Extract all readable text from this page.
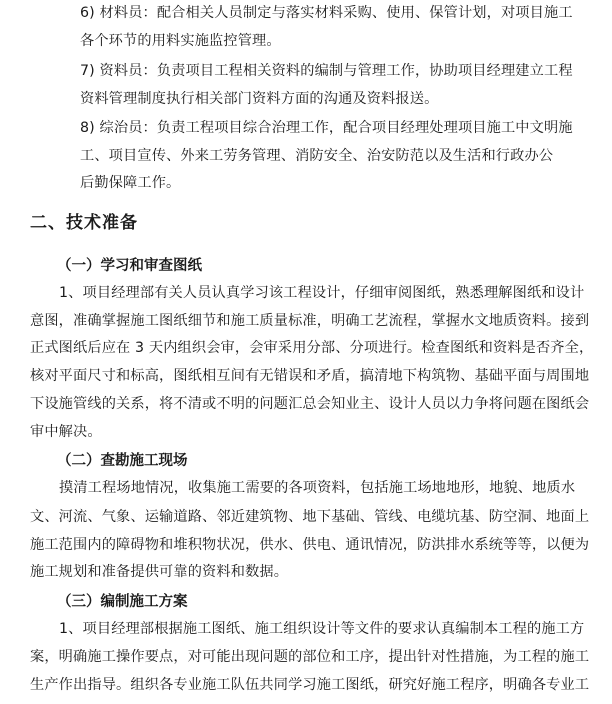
6) 材料员：配合相关人员制定与落实材料采购、使用、保管计划，对项目施工
各个环节的用料实施监控管理。
7) 资料员：负责项目工程相关资料的编制与管理工作，协助项目经理建立工程
资料管理制度执行相关部门资料方面的沟通及资料报送。
8) 综治员：负责工程项目综合治理工作，配合项目经理处理项目施工中文明施
工、项目宣传、外来工劳务管理、消防安全、治安防范以及生活和行政办公
后勤保障工作。
二、技术准备
（一）学习和审查图纸
1、项目经理部有关人员认真学习该工程设计，仔细审阅图纸，熟悉理解图纸和设计
意图，准确掌握施工图纸细节和施工质量标准，明确工艺流程，掌握水文地质资料。接到
正式图纸后应在 3 天内组织会审，会审采用分部、分项进行。检查图纸和资料是否齐全，
核对平面尺寸和标高，图纸相互间有无错误和矛盾，搞清地下构筑物、基础平面与周围地
下设施管线的关系，将不清或不明的问题汇总会知业主、设计人员以力争将问题在图纸会
审中解决。
（二）查勘施工现场
摸清工程场地情况，收集施工需要的各项资料，包括施工场地地形，地貌、地质水
文、河流、气象、运输道路、邻近建筑物、地下基础、管线、电缆坑基、防空洞、地面上
施工范围内的障碍物和堆积物状况，供水、供电、通讯情况，防洪排水系统等等，以便为
施工规划和准备提供可靠的资料和数据。
（三）编制施工方案
1、项目经理部根据施工图纸、施工组织设计等文件的要求认真编制本工程的施工方
案，明确施工操作要点，对可能出现问题的部位和工序，提出针对性措施，为工程的施工
生产作出指导。组织各专业施工队伍共同学习施工图纸，研究好施工程序，明确各专业工
